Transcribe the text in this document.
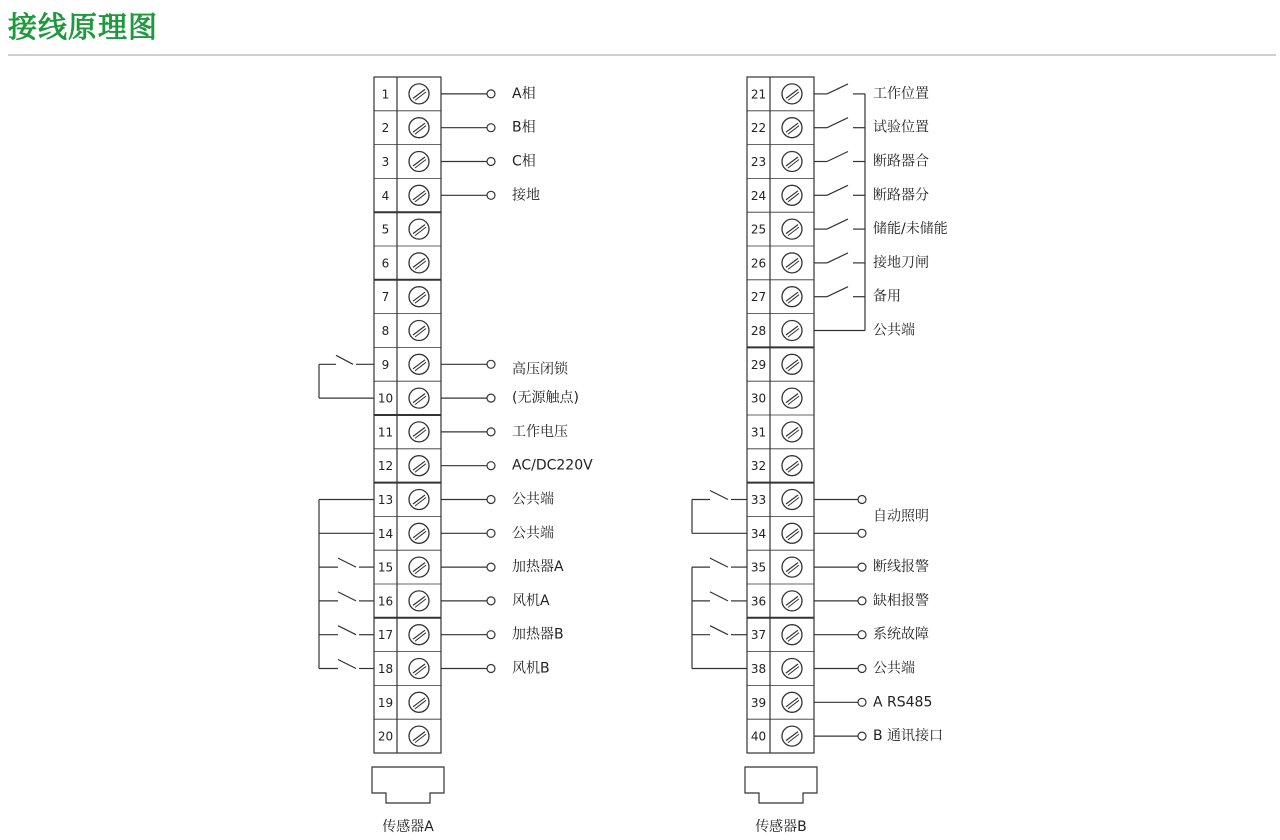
接线原理图
1
2
3
4
5
6
7
8
9
10
11
12
13
14
15
16
17
18
19
20
传感器A
A相
B相
C相
接地
高压闭锁
(无源触点)
工作电压
AC/DC220V
公共端
公共端
加热器A
风机A
加热器B
风机B
21
22
23
24
25
26
27
28
29
30
31
32
33
34
35
36
37
38
39
40
传感器B
工作位置
试验位置
断路器合
断路器分
储能/未储能
接地刀闸
备用
公共端
自动照明
断线报警
缺相报警
系统故障
公共端
A RS485
B 通讯接口
